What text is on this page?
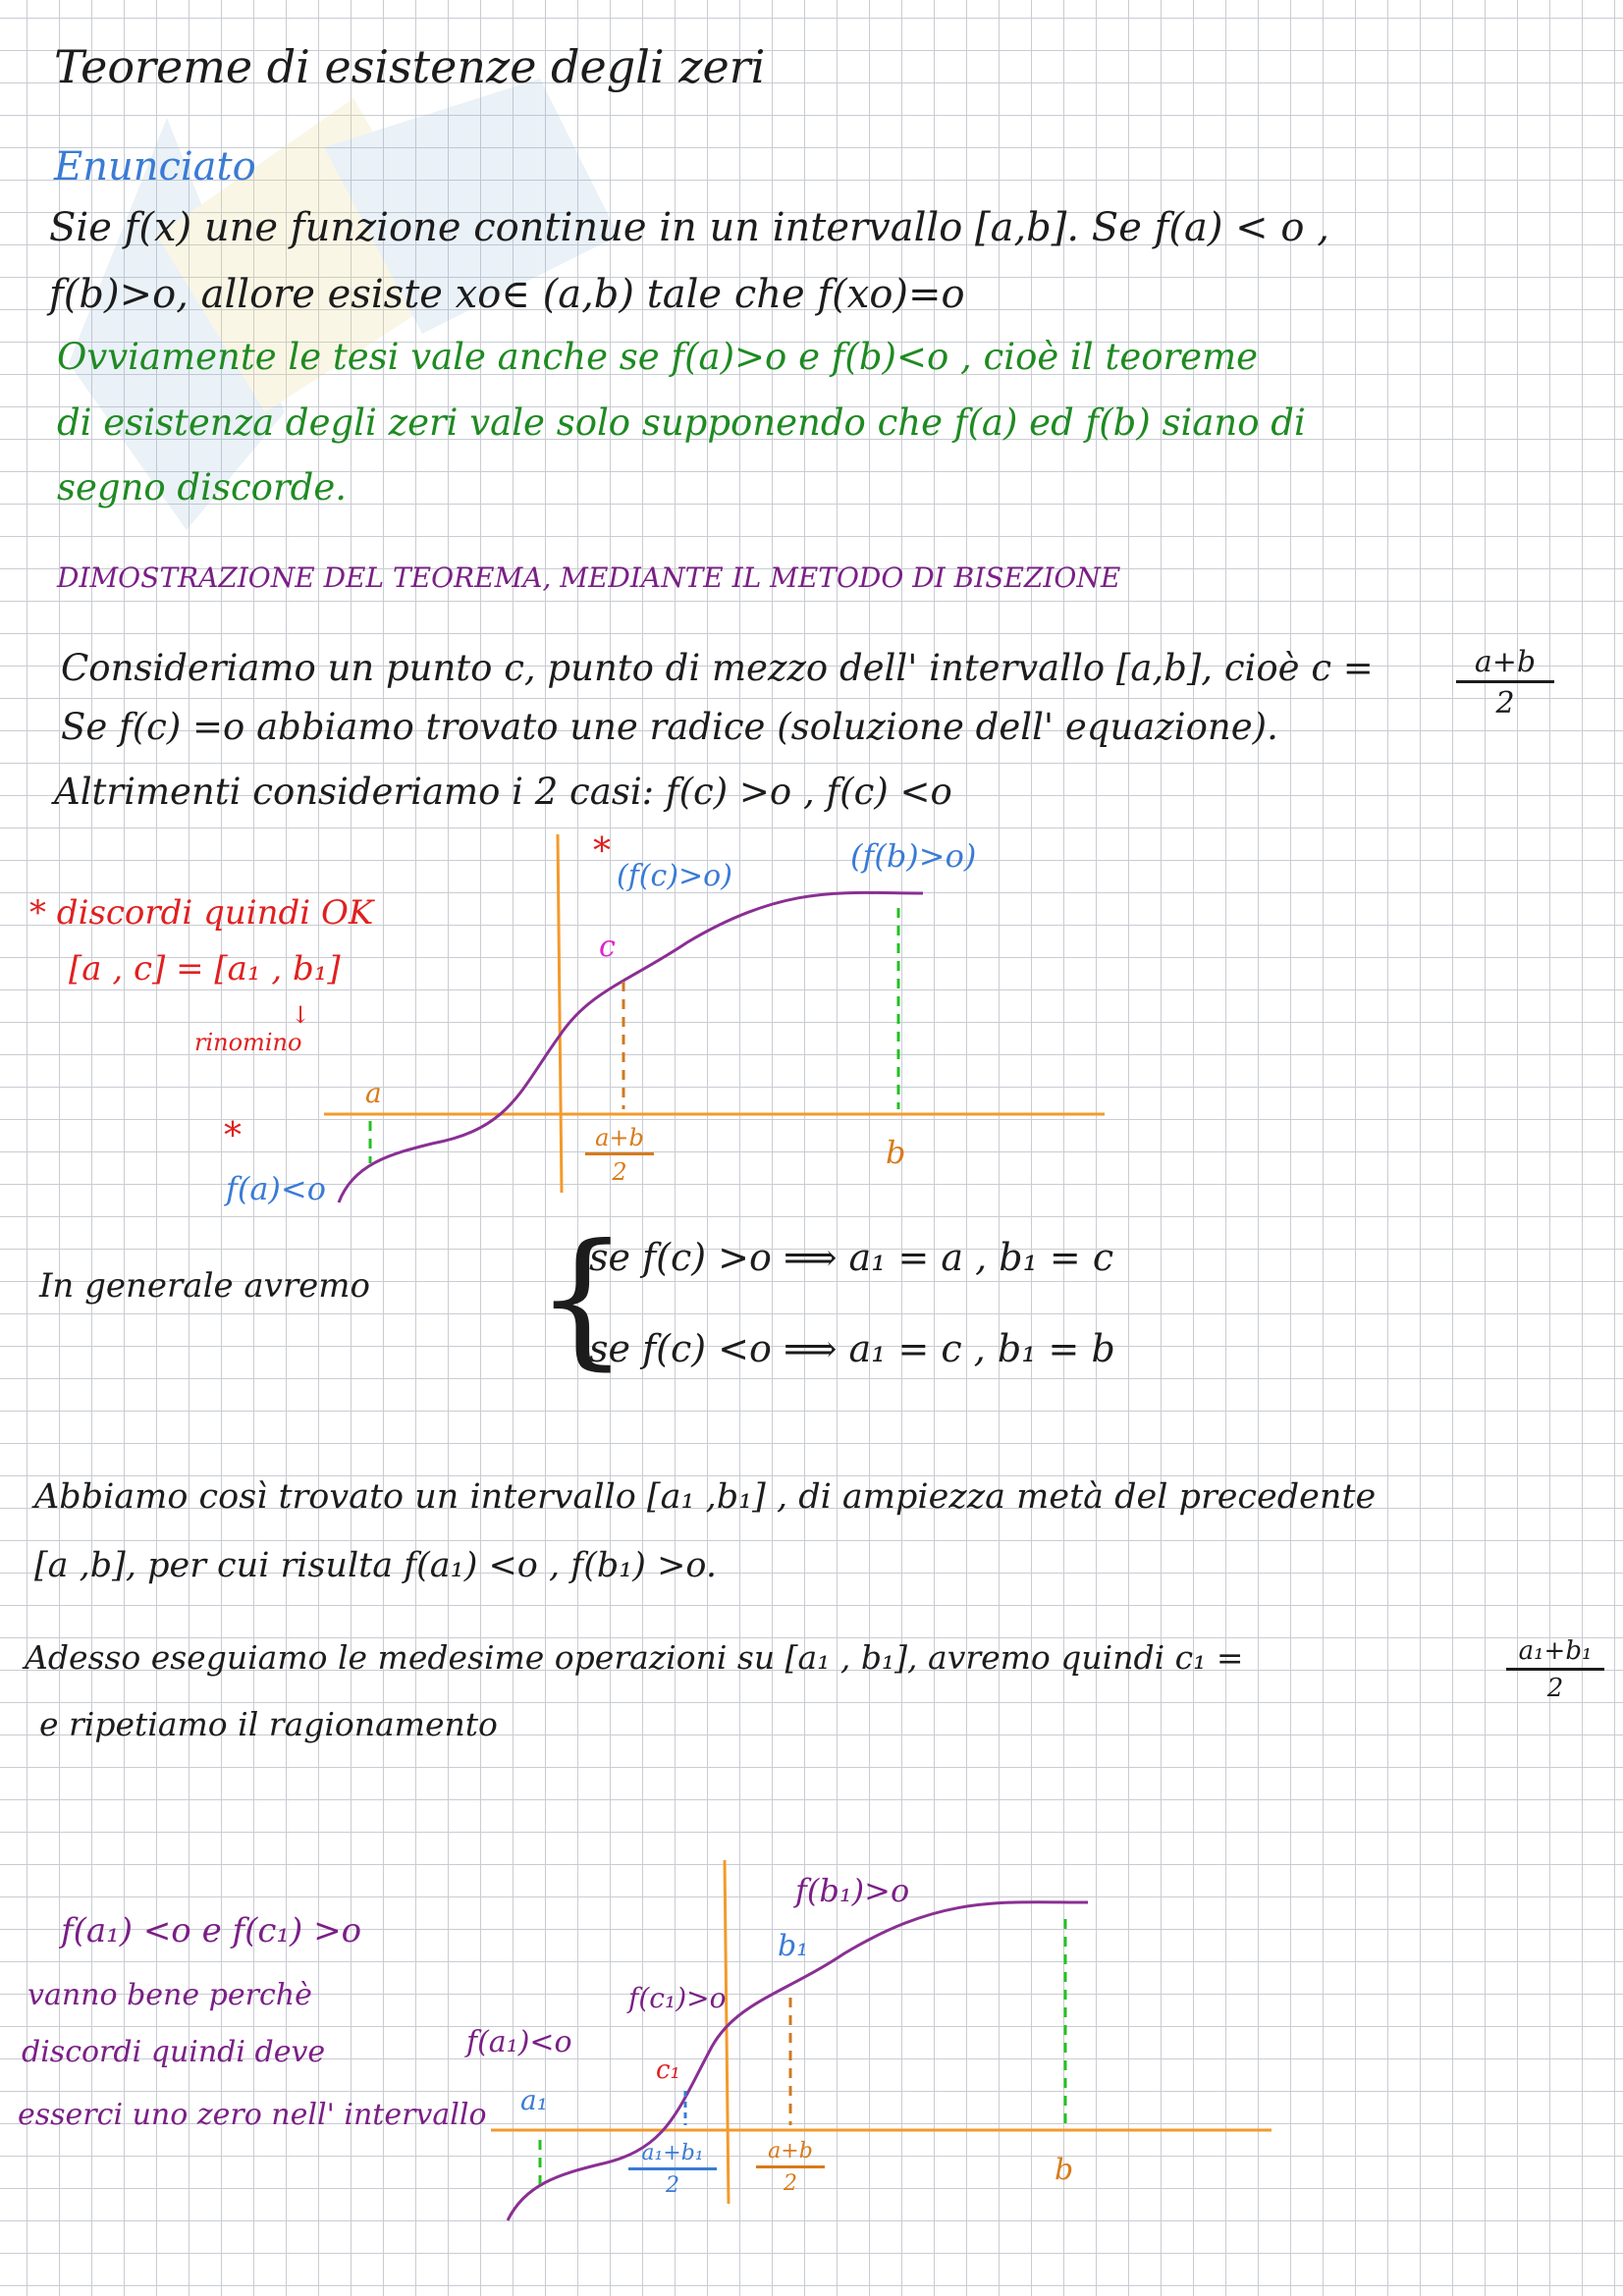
Teoreme di esistenze degli zeri
Enunciato
Sie f(x) une funzione continue in un intervallo [a,b]. Se f(a) < o ,
f(b)>o, allore esiste xo∈ (a,b) tale che f(xo)=o
Ovviamente le tesi vale anche se f(a)>o e f(b)<o , cioè il teoreme
di esistenza degli zeri vale solo supponendo che f(a) ed f(b) siano di
segno discorde.
DIMOSTRAZIONE DEL TEOREMA, MEDIANTE IL METODO DI BISEZIONE
Consideriamo un punto c, punto di mezzo dell' intervallo [a,b], cioè c =	$\frac{a+b}{2}$
Se f(c) =o abbiamo trovato une radice (soluzione dell' equazione).
Altrimenti consideriamo i 2 casi: f(c) >o , f(c) <o
*
(f(c)>o)
(f(b)>o)
c
a
b
$\frac{a+b}{2}$
*
f(a)<o
* discordi quindi OK
[a , c] = [a₁ , b₁]
↓
rinomino
In generale avremo {
se f(c) >o ⟹ a₁ = a , b₁ = c
se f(c) <o ⟹ a₁ = c , b₁ = b
Abbiamo così trovato un intervallo [a₁ ,b₁] , di ampiezza metà del precedente
[a ,b], per cui risulta f(a₁) <o , f(b₁) >o.
Adesso eseguiamo le medesime operazioni su [a₁ , b₁], avremo quindi c₁ =	$\frac{\text{a₁+b₁}}{2}$
e ripetiamo il ragionamento
f(b₁)>o
b₁
f(c₁)>o
c₁
f(a₁)<o
a₁
$\frac{\text{a₁+b₁}}{2} \frac{a+b}{2}$	b
f(a₁) <o e f(c₁) >o
vanno bene perchè
discordi quindi deve
esserci uno zero nell' intervallo
